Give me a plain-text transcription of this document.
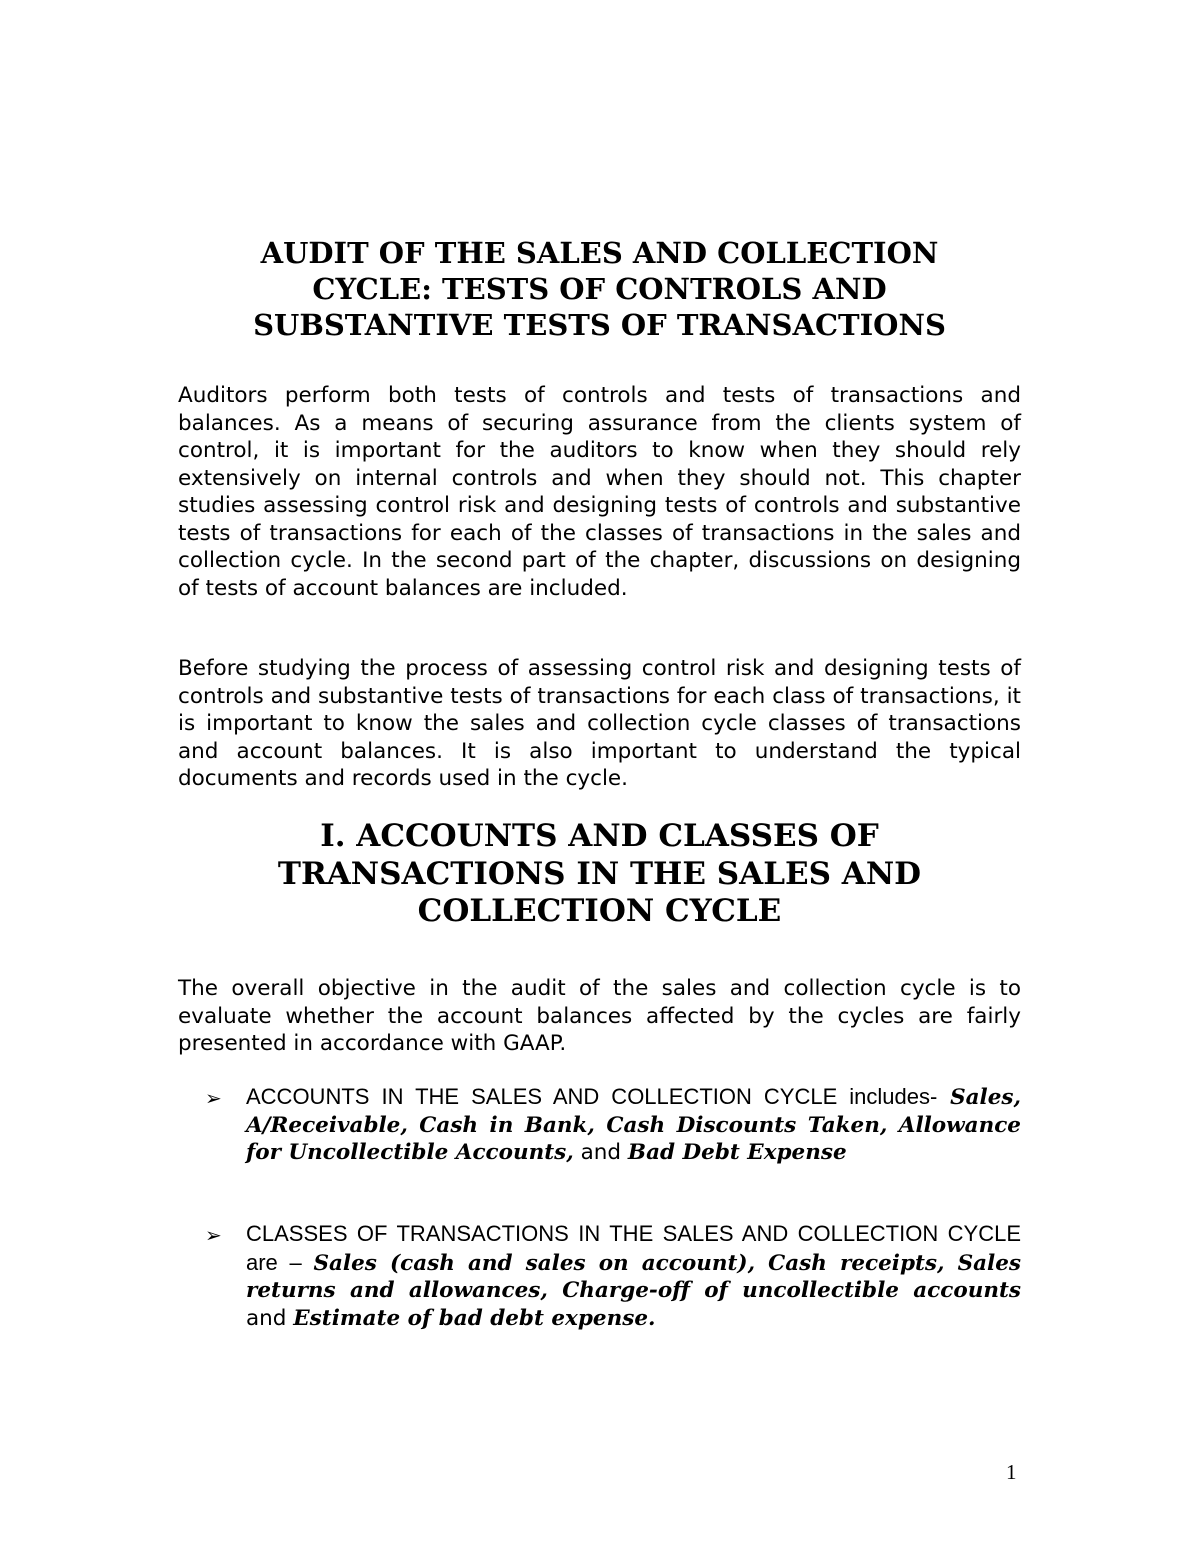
AUDIT OF THE SALES AND COLLECTION
CYCLE: TESTS OF CONTROLS AND
SUBSTANTIVE TESTS OF TRANSACTIONS

Auditors perform both tests of controls and tests of transactions and balances. As a means of securing assurance from the clients system of control, it is important for the auditors to know when they should rely extensively on internal controls and when they should not. This chapter studies assessing control risk and designing tests of controls and substantive tests of transactions for each of the classes of transactions in the sales and collection cycle. In the second part of the chapter, discussions on designing of tests of account balances are included.

Before studying the process of assessing control risk and designing tests of controls and substantive tests of transactions for each class of transactions, it is important to know the sales and collection cycle classes of transactions and account balances. It is also important to understand the typical documents and records used in the cycle.

I. ACCOUNTS AND CLASSES OF
TRANSACTIONS IN THE SALES AND
COLLECTION CYCLE

The overall objective in the audit of the sales and collection cycle is to evaluate whether the account balances affected by the cycles are fairly presented in accordance with GAAP.

➢	ACCOUNTS IN THE SALES AND COLLECTION CYCLE includes- Sales, A/Receivable, Cash in Bank, Cash Discounts Taken, Allowance for Uncollectible Accounts, and Bad Debt Expense

➢	CLASSES OF TRANSACTIONS IN THE SALES AND COLLECTION CYCLE are – Sales (cash and sales on account), Cash receipts, Sales returns and allowances, Charge-off of uncollectible accounts and Estimate of bad debt expense.

1
